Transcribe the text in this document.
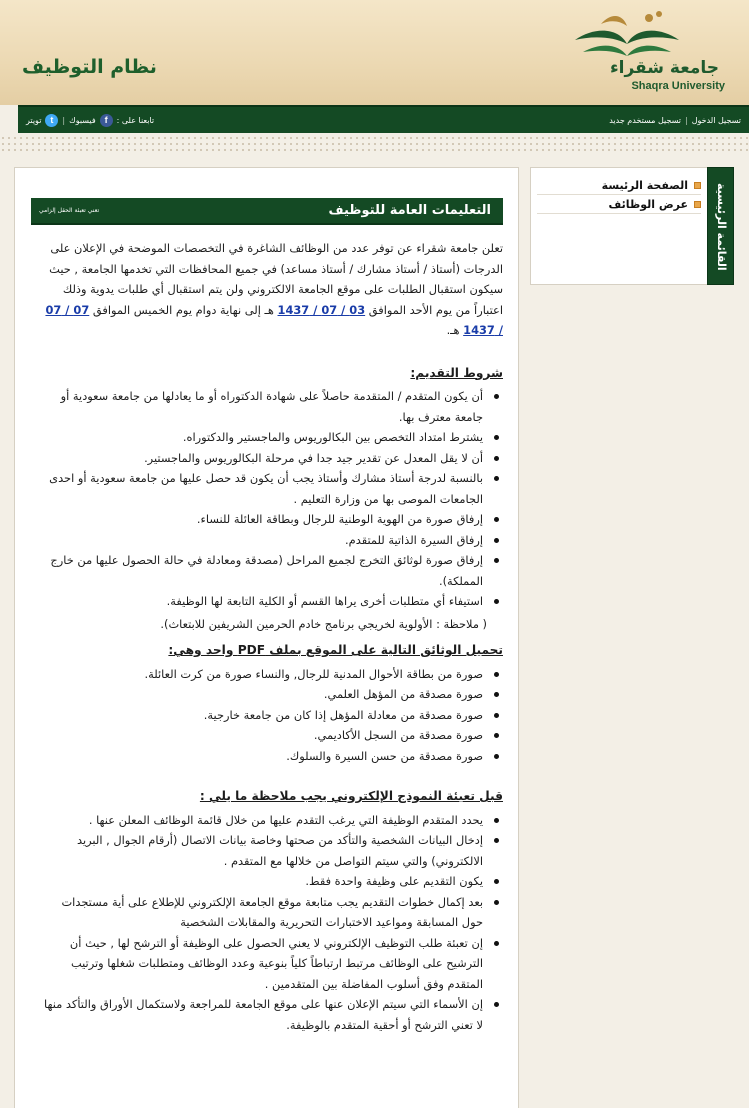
جامعة شقراء
Shaqra University
نظام التوظيف
تسجيل الدخول
|
تسجيل مستخدم جديد
تابعنا على :
f
فيسبوك
|
t
تويتر
القائمة الرئيسية
الصفحة الرئيسة
عرض الوظائف
التعليمات العامة للتوظيف
تعني تعبئة الحقل إلزامي

تعلن جامعة شقراء عن توفر عدد من الوظائف الشاغرة في التخصصات الموضحة في الإعلان على الدرجات (أستاذ / أستاذ مشارك / أستاذ مساعد) في جميع المحافظات التي تخدمها الجامعة , حيث سيكون استقبال الطلبات على موقع الجامعة الالكتروني ولن يتم استقبال أي طلبات يدوية وذلك اعتباراً من يوم الأحد الموافق 03 / 07 / 1437 هـ إلى نهاية دوام يوم الخميس الموافق 07 / 07 / 1437 هـ.

شروط التقديم:
أن يكون المتقدم / المتقدمة حاصلاً على شهادة الدكتوراه أو ما يعادلها من جامعة سعودية أو جامعة معترف بها.
يشترط امتداد التخصص بين البكالوريوس والماجستير والدكتوراه.
أن لا يقل المعدل عن تقدير جيد جدا في مرحلة البكالوريوس والماجستير.
بالنسبة لدرجة أستاذ مشارك وأستاذ يجب أن يكون قد حصل عليها من جامعة سعودية أو احدى الجامعات الموصى بها من وزارة التعليم .
إرفاق صورة من الهوية الوطنية للرجال وبطاقة العائلة للنساء.
إرفاق السيرة الذاتية للمتقدم.
إرفاق صورة لوثائق التخرج لجميع المراحل (مصدقة ومعادلة في حالة الحصول عليها من خارج المملكة).
استيفاء أي متطلبات أخرى يراها القسم أو الكلية التابعة لها الوظيفة.

( ملاحظة : الأولوية لخريجي برنامج خادم الحرمين الشريفين للابتعاث).

تحميل الوثائق التالية على الموقع بملف PDF واحد وهي:
صورة من بطاقة الأحوال المدنية للرجال, والنساء صورة من كرت العائلة.
صورة مصدقة من المؤهل العلمي.
صورة مصدقة من معادلة المؤهل إذا كان من جامعة خارجية.
صورة مصدقة من السجل الأكاديمي.
صورة مصدقة من حسن السيرة والسلوك.
قبل تعبئة النموذج الإلكتروني يجب ملاحظة ما يلي :
يحدد المتقدم الوظيفة التي يرغب التقدم عليها من خلال قائمة الوظائف المعلن عنها .
إدخال البيانات الشخصية والتأكد من صحتها وخاصة بيانات الاتصال (أرقام الجوال , البريد الالكتروني) والتي سيتم التواصل من خلالها مع المتقدم .
يكون التقديم على وظيفة واحدة فقط.
بعد إكمال خطوات التقديم يجب متابعة موقع الجامعة الإلكتروني للإطلاع على أية مستجدات حول المسابقة ومواعيد الاختبارات التحريرية والمقابلات الشخصية
إن تعبئة طلب التوظيف الإلكتروني لا يعني الحصول على الوظيفة أو الترشح لها , حيث أن الترشيح على الوظائف مرتبط ارتباطاً كلياً بنوعية وعدد الوظائف ومتطلبات شغلها وترتيب المتقدم وفق أسلوب المفاضلة بين المتقدمين .
إن الأسماء التي سيتم الإعلان عنها على موقع الجامعة للمراجعة ولاستكمال الأوراق والتأكد منها لا تعني الترشح أو أحقية المتقدم بالوظيفة.
